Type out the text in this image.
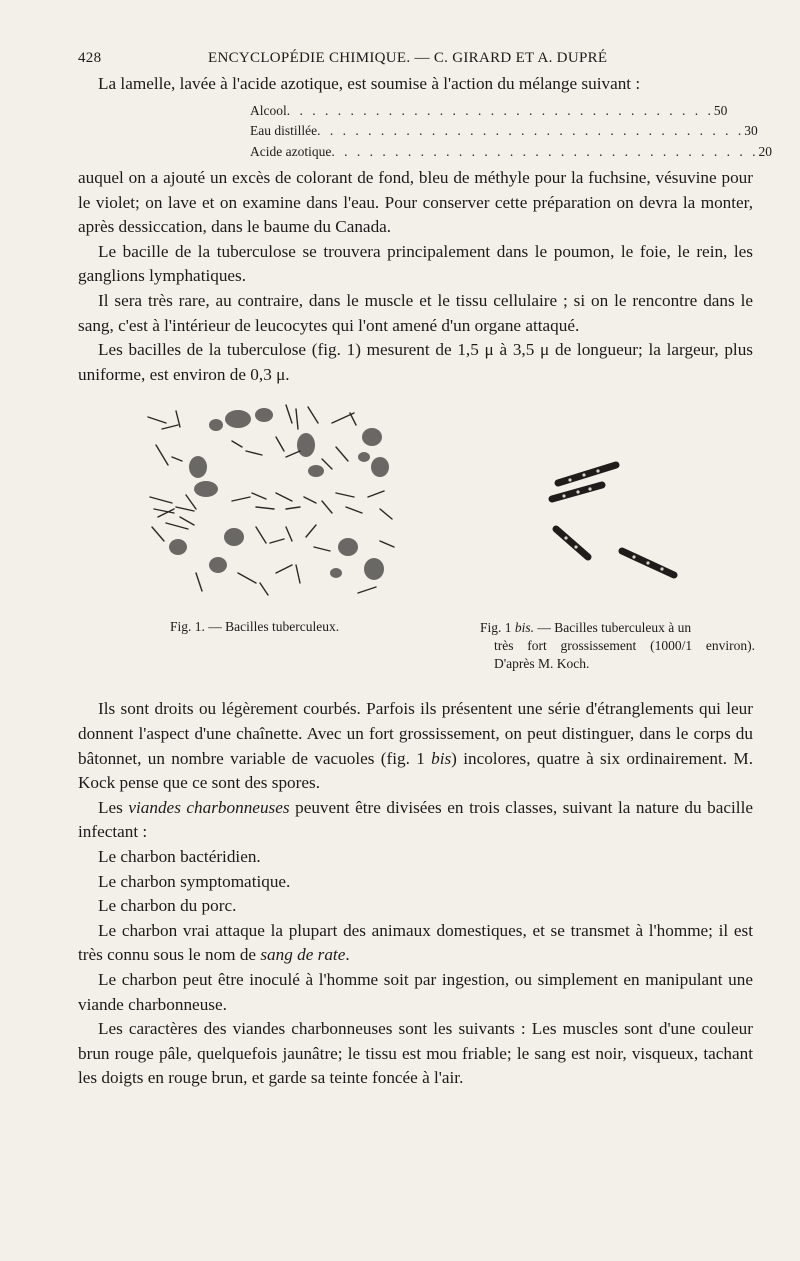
428	ENCYCLOPÉDIE CHIMIQUE. — C. GIRARD ET A. DUPRÉ

La lamelle, lavée à l'acide azotique, est soumise à l'action du mélange suivant :

Alcool . . . . . . . . . . . . . . . . . . . . . . . . . . . . . . . . . . 50
Eau distillée . . . . . . . . . . . . . . . . . . . . . . . . . . . . . . . . . . 30
Acide azotique . . . . . . . . . . . . . . . . . . . . . . . . . . . . . . . . . . 20

auquel on a ajouté un excès de colorant de fond, bleu de méthyle pour la fuchsine, vésuvine pour le violet; on lave et on examine dans l'eau. Pour conserver cette préparation on devra la monter, après dessiccation, dans le baume du Canada.

Le bacille de la tuberculose se trouvera principalement dans le poumon, le foie, le rein, les ganglions lymphatiques.

Il sera très rare, au contraire, dans le muscle et le tissu cellulaire ; si on le rencontre dans le sang, c'est à l'intérieur de leucocytes qui l'ont amené d'un organe attaqué.

Les bacilles de la tuberculose (fig. 1) mesurent de 1,5 μ à 3,5 μ de longueur; la largeur, plus uniforme, est environ de 0,3 μ.

Fig. 1. — Bacilles tuberculeux.	Fig. 1 bis. — Bacilles tuberculeux à un
très fort grossissement (1000/1 environ). D'après M. Koch.

Ils sont droits ou légèrement courbés. Parfois ils présentent une série d'étranglements qui leur donnent l'aspect d'une chaînette. Avec un fort grossissement, on peut distinguer, dans le corps du bâtonnet, un nombre variable de vacuoles (fig. 1 bis) incolores, quatre à six ordinairement. M. Kock pense que ce sont des spores.

Les viandes charbonneuses peuvent être divisées en trois classes, suivant la nature du bacille infectant :

Le charbon bactéridien.

Le charbon symptomatique.

Le charbon du porc.

Le charbon vrai attaque la plupart des animaux domestiques, et se transmet à l'homme; il est très connu sous le nom de sang de rate.

Le charbon peut être inoculé à l'homme soit par ingestion, ou simplement en manipulant une viande charbonneuse.

Les caractères des viandes charbonneuses sont les suivants : Les muscles sont d'une couleur brun rouge pâle, quelquefois jaunâtre; le tissu est mou friable; le sang est noir, visqueux, tachant les doigts en rouge brun, et garde sa teinte foncée à l'air.
